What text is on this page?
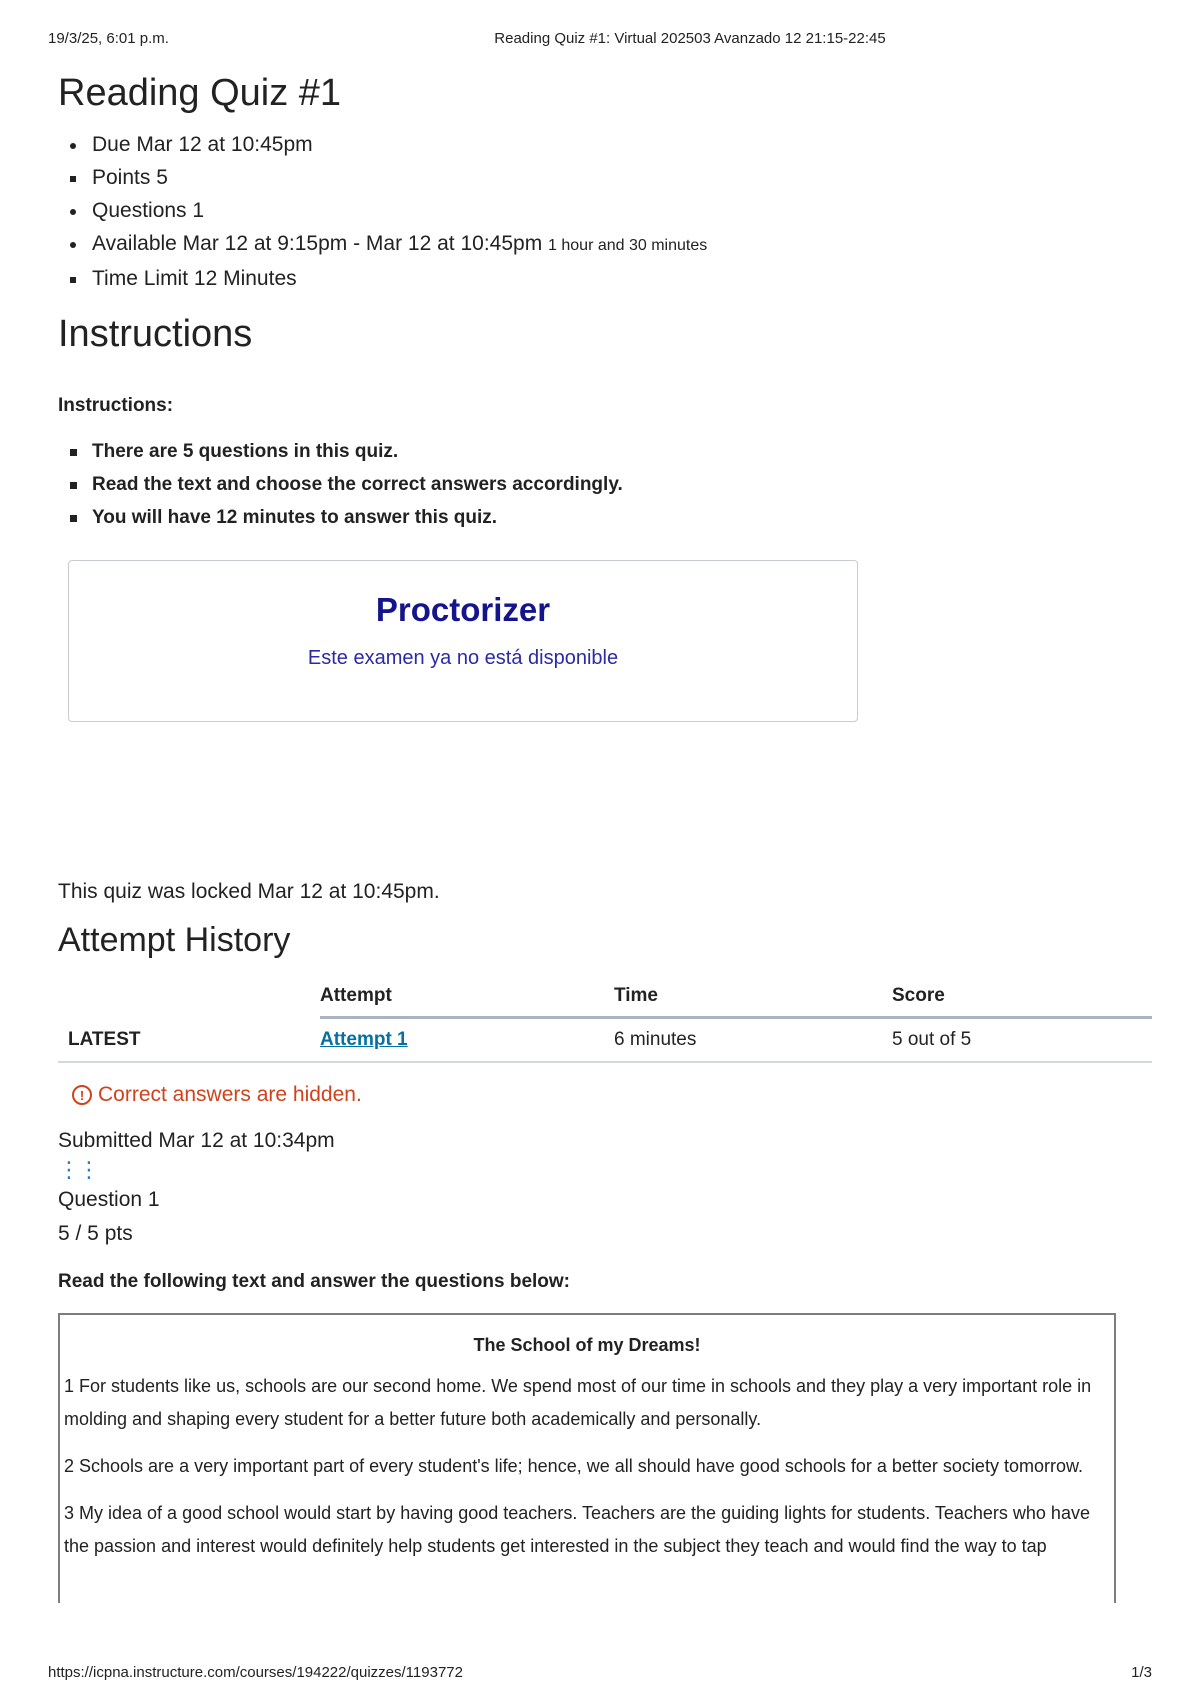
19/3/25, 6:01 p.m.	Reading Quiz #1: Virtual 202503 Avanzado 12 21:15-22:45
Reading Quiz #1
Due Mar 12 at 10:45pm
Points 5
Questions 1
Available Mar 12 at 9:15pm - Mar 12 at 10:45pm 1 hour and 30 minutes
Time Limit 12 Minutes
Instructions
Instructions:
There are 5 questions in this quiz.
Read the text and choose the correct answers accordingly.
You will have 12 minutes to answer this quiz.
Proctorizer
Este examen ya no está disponible
This quiz was locked Mar 12 at 10:45pm.
Attempt History
	Attempt	Time	Score
LATEST	Attempt 1	6 minutes	5 out of 5
! Correct answers are hidden.
Submitted Mar 12 at 10:34pm
⋮⋮
Question 1
5 / 5 pts
Read the following text and answer the questions below:
The School of my Dreams!
1 For students like us, schools are our second home. We spend most of our time in schools and they play a very important role in molding and shaping every student for a better future both academically and personally.
2 Schools are a very important part of every student's life; hence, we all should have good schools for a better society tomorrow.
3 My idea of a good school would start by having good teachers. Teachers are the guiding lights for students. Teachers who have the passion and interest would definitely help students get interested in the subject they teach and would find the way to tap
https://icpna.instructure.com/courses/194222/quizzes/1193772	1/3
